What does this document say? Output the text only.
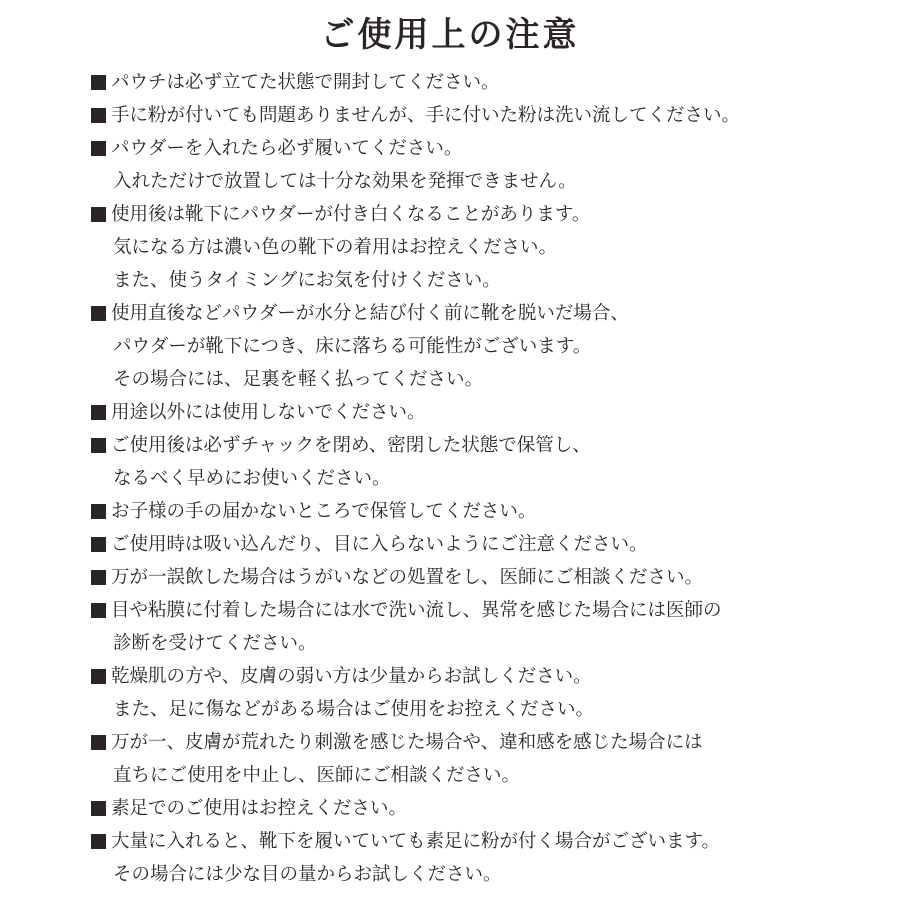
ご使用上の注意
パウチは必ず立てた状態で開封してください。
手に粉が付いても問題ありませんが、手に付いた粉は洗い流してください。
パウダーを入れたら必ず履いてください。
入れただけで放置しては十分な効果を発揮できません。
使用後は靴下にパウダーが付き白くなることがあります。
気になる方は濃い色の靴下の着用はお控えください。
また、使うタイミングにお気を付けください。
使用直後などパウダーが水分と結び付く前に靴を脱いだ場合、
パウダーが靴下につき、床に落ちる可能性がございます。
その場合には、足裏を軽く払ってください。
用途以外には使用しないでください。
ご使用後は必ずチャックを閉め、密閉した状態で保管し、
なるべく早めにお使いください。
お子様の手の届かないところで保管してください。
ご使用時は吸い込んだり、目に入らないようにご注意ください。
万が一誤飲した場合はうがいなどの処置をし、医師にご相談ください。
目や粘膜に付着した場合には水で洗い流し、異常を感じた場合には医師の
診断を受けてください。
乾燥肌の方や、皮膚の弱い方は少量からお試しください。
また、足に傷などがある場合はご使用をお控えください。
万が一、皮膚が荒れたり刺激を感じた場合や、違和感を感じた場合には
直ちにご使用を中止し、医師にご相談ください。
素足でのご使用はお控えください。
大量に入れると、靴下を履いていても素足に粉が付く場合がございます。
その場合には少な目の量からお試しください。
